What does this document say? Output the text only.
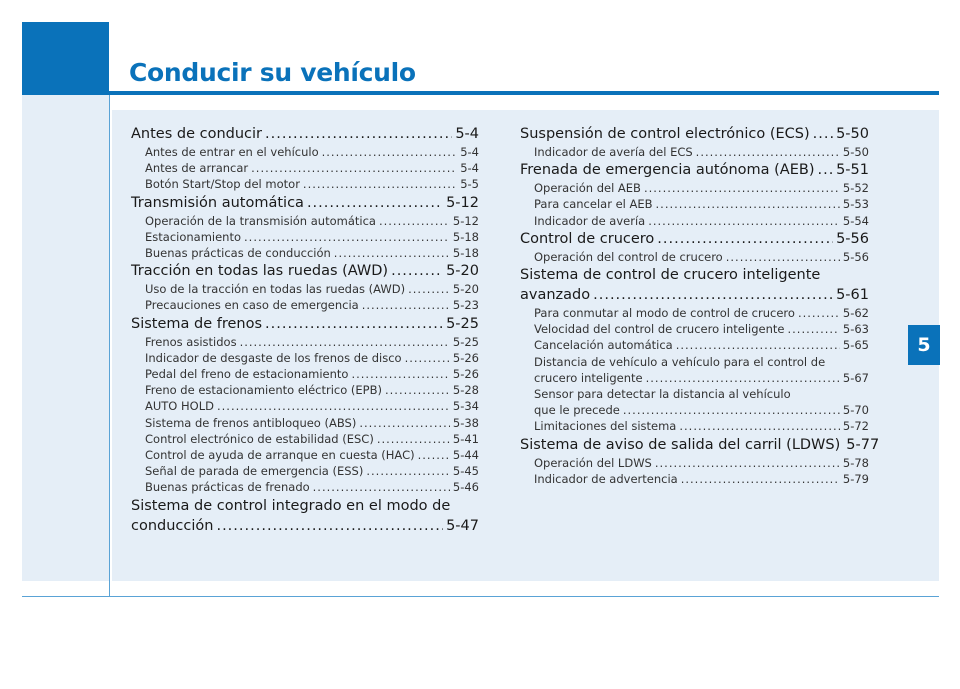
Conducir su vehículo
5
Antes de conducir .....	5-4
Antes de entrar en el vehículo .....	5-4
Antes de arrancar .....	5-4
Botón Start/Stop del motor .....	5-5
Transmisión automática .....	5-12
Operación de la transmisión automática .....	5-12
Estacionamiento .....	5-18
Buenas prácticas de conducción .....	5-18
Tracción en todas las ruedas (AWD) .....	5-20
Uso de la tracción en todas las ruedas (AWD) .....	5-20
Precauciones en caso de emergencia .....	5-23
Sistema de frenos .....	5-25
Frenos asistidos .....	5-25
Indicador de desgaste de los frenos de disco .....	5-26
Pedal del freno de estacionamiento .....	5-26
Freno de estacionamiento eléctrico (EPB) .....	5-28
AUTO HOLD .....	5-34
Sistema de frenos antibloqueo (ABS) .....	5-38
Control electrónico de estabilidad (ESC) .....	5-41
Control de ayuda de arranque en cuesta (HAC) .....	5-44
Señal de parada de emergencia (ESS) .....	5-45
Buenas prácticas de frenado .....	5-46
Sistema de control integrado en el modo de
conducción .....	5-47
Suspensión de control electrónico (ECS) ..... 5-50
Indicador de avería del ECS .....	5-50
Frenada de emergencia autónoma (AEB) ..... 5-51
Operación del AEB .....	5-52
Para cancelar el AEB .....	5-53
Indicador de avería .....	5-54
Control de crucero .....	5-56
Operación del control de crucero .....	5-56
Sistema de control de crucero inteligente
avanzado .....	5-61
Para conmutar al modo de control de crucero .....	5-62
Velocidad del control de crucero inteligente .....	5-63
Cancelación automática .....	5-65
Distancia de vehículo a vehículo para el control de
crucero inteligente .....	5-67
Sensor para detectar la distancia al vehículo
que le precede .....	5-70
Limitaciones del sistema .....	5-72
Sistema de aviso de salida del carril (LDWS) 5-77
Operación del LDWS .....	5-78
Indicador de advertencia .....	5-79
